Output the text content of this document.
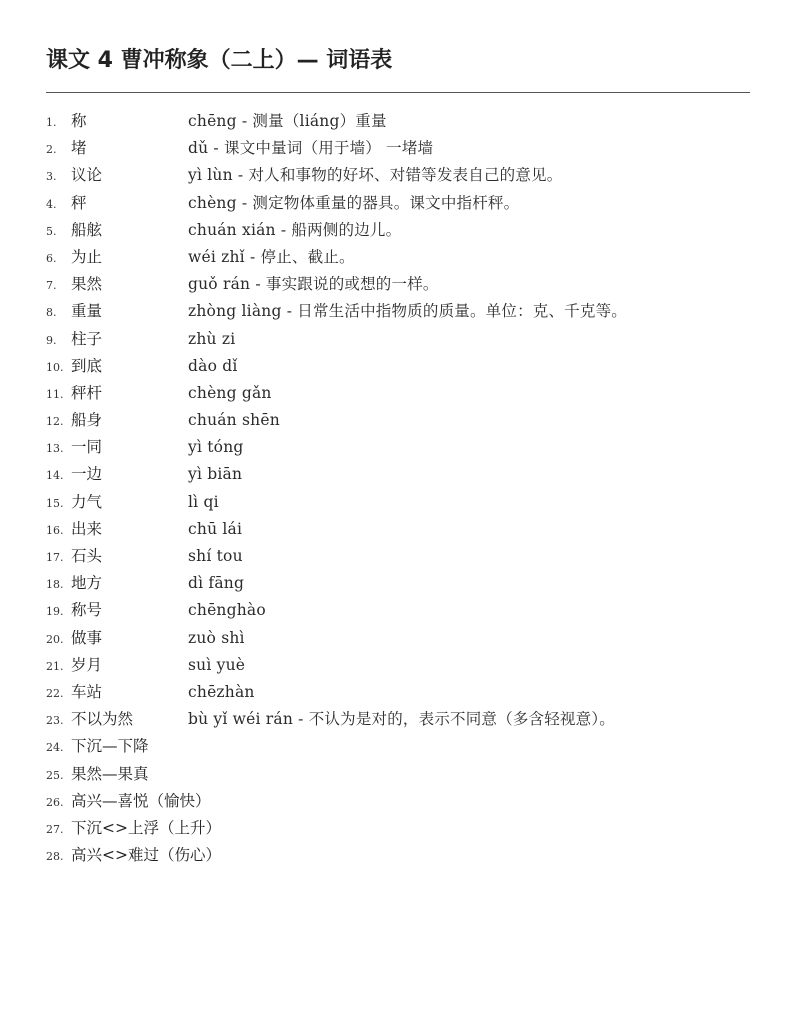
课文 4 曹冲称象（二上）— 词语表
1. 称	chēng - 测量（liáng）重量
2. 堵	dǔ - 课文中量词（用于墙） 一堵墙
3. 议论	yì lùn - 对人和事物的好坏、对错等发表自己的意见。
4. 秤	chèng - 测定物体重量的器具。课文中指杆秤。
5. 船舷	chuán xián - 船两侧的边儿。
6. 为止	wéi zhǐ - 停止、截止。
7. 果然	guǒ rán - 事实跟说的或想的一样。
8. 重量	zhòng liàng - 日常生活中指物质的质量。单位：克、千克等。
9. 柱子	zhù zi
10. 到底	dào dǐ
11. 秤杆	chèng gǎn
12. 船身	chuán shēn
13. 一同	yì tóng
14. 一边	yì biān
15. 力气	lì qi
16. 出来	chū lái
17. 石头	shí tou
18. 地方	dì fāng
19. 称号	chēnghào
20. 做事	zuò shì
21. 岁月	suì yuè
22. 车站	chēzhàn
23. 不以为然	bù yǐ wéi rán - 不认为是对的，表示不同意（多含轻视意）。
24. 下沉—下降
25. 果然—果真
26. 高兴—喜悦（愉快）
27. 下沉<>上浮（上升）
28. 高兴<>难过（伤心）
